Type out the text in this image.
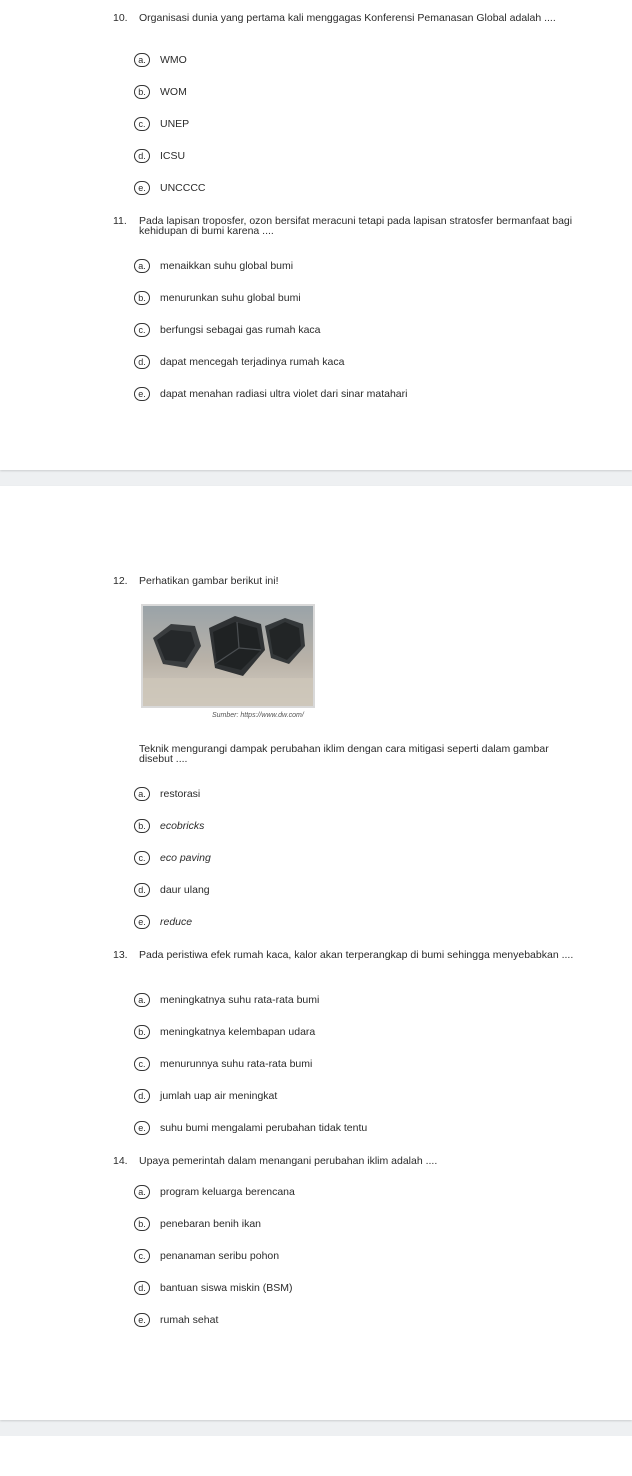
10. Organisasi dunia yang pertama kali menggagas Konferensi Pemanasan Global adalah ....
a.	WMO
b.	WOM
c.	UNEP
d.	ICSU
e.	UNCCCC
11. Pada lapisan troposfer, ozon bersifat meracuni tetapi pada lapisan stratosfer bermanfaat bagi kehidupan di bumi karena ....
a.	menaikkan suhu global bumi
b.	menurunkan suhu global bumi
c.	berfungsi sebagai gas rumah kaca
d.	dapat mencegah terjadinya rumah kaca
e.	dapat menahan radiasi ultra violet dari sinar matahari
12. Perhatikan gambar berikut ini!
Sumber: https://www.dw.com/
Teknik mengurangi dampak perubahan iklim dengan cara mitigasi seperti dalam gambar disebut ....
a.	restorasi
b.	ecobricks
c.	eco paving
d.	daur ulang
e.	reduce
13. Pada peristiwa efek rumah kaca, kalor akan terperangkap di bumi sehingga menyebabkan ....
a.	meningkatnya suhu rata-rata bumi
b.	meningkatnya kelembapan udara
c.	menurunnya suhu rata-rata bumi
d.	jumlah uap air meningkat
e.	suhu bumi mengalami perubahan tidak tentu
14. Upaya pemerintah dalam menangani perubahan iklim adalah ....
a.	program keluarga berencana
b.	penebaran benih ikan
c.	penanaman seribu pohon
d.	bantuan siswa miskin (BSM)
e.	rumah sehat
